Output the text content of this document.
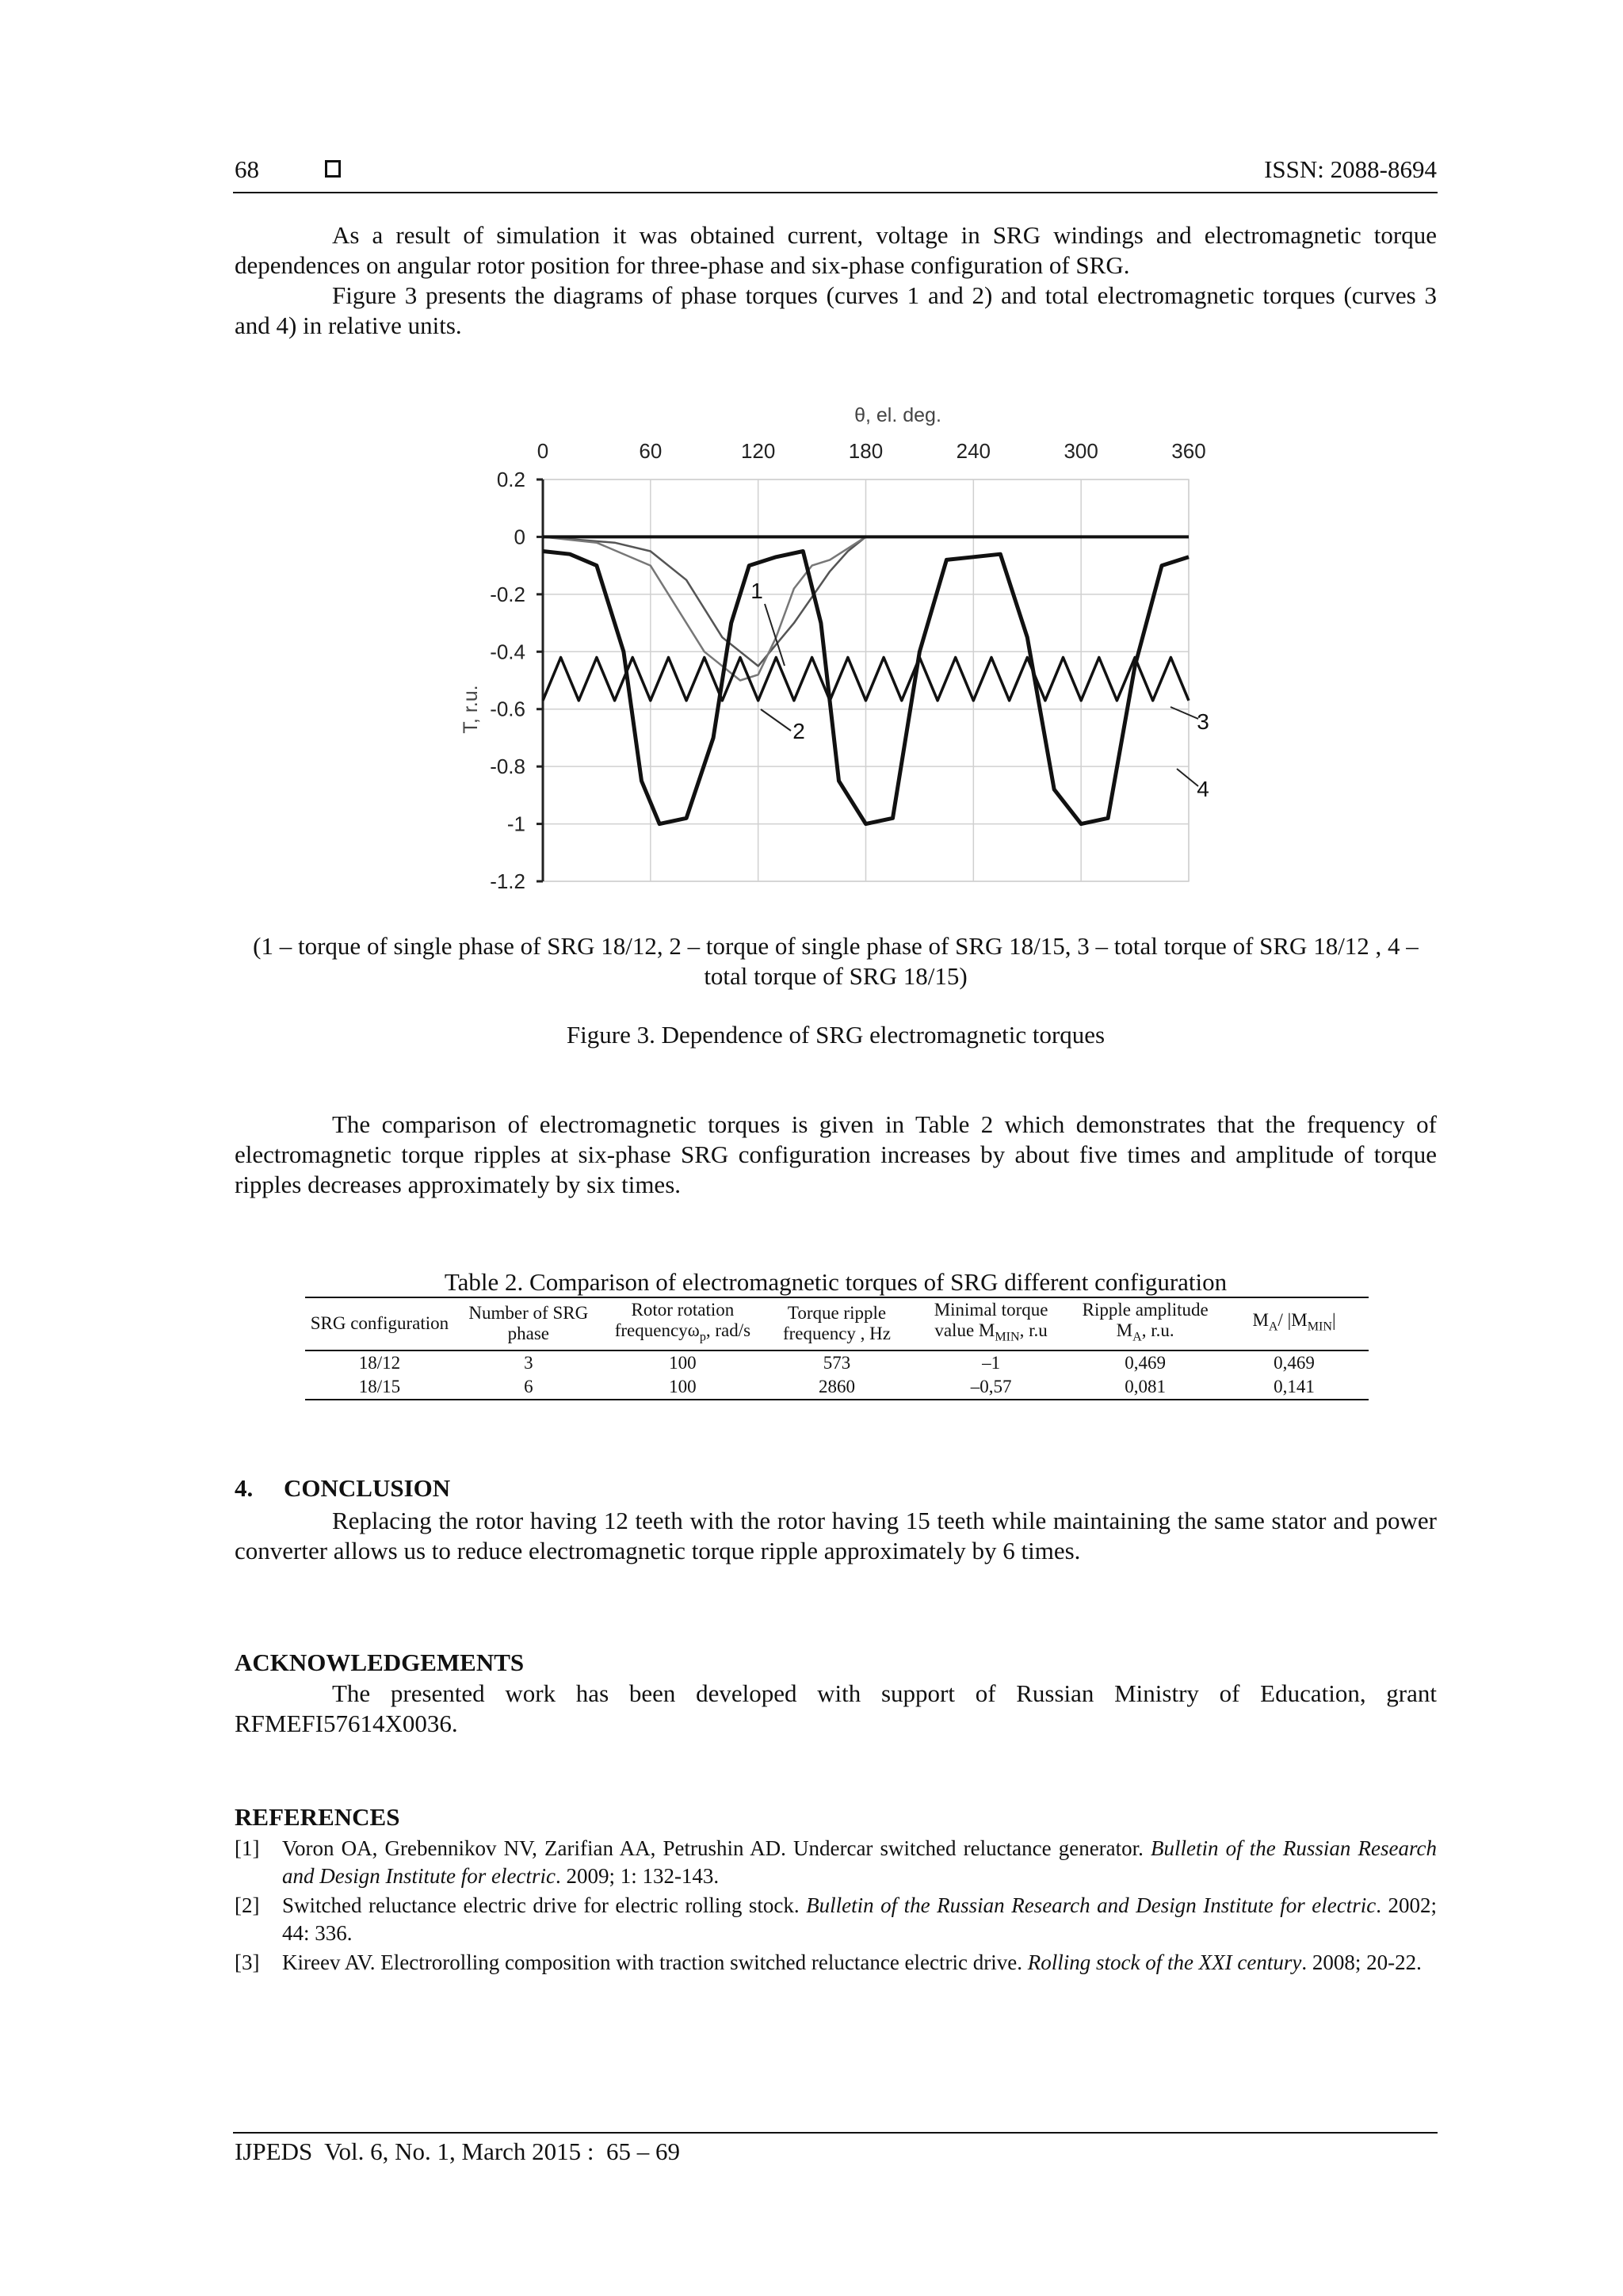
68	ISSN: 2088-8694

As a result of simulation it was obtained current, voltage in SRG windings and electromagnetic torque dependences on angular rotor position for three-phase and six-phase configuration of SRG.

Figure 3 presents the diagrams of phase torques (curves 1 and 2) and total electromagnetic torques (curves 3 and 4) in relative units.

0	60	120	180	240	300	360
0.2
0
-0.2
-0.4
-0.6
-0.8
-1
-1.2
θ, el. deg.
T, r.u.
1
2	3
4
(1 – torque of single phase of SRG 18/12, 2 – torque of single phase of SRG 18/15, 3 – total torque of SRG 18/12 , 4 – total torque of SRG 18/15)
Figure 3. Dependence of SRG electromagnetic torques

The comparison of electromagnetic torques is given in Table 2 which demonstrates that the frequency of electromagnetic torque ripples at six-phase SRG configuration increases by about five times and amplitude of torque ripples decreases approximately by six times.

Table 2. Comparison of electromagnetic torques of SRG different configuration
SRG configuration	Number of SRG phase	Rotor rotation frequencyω$_p$, rad/s	Torque ripple frequency , Hz	Minimal torque value $M_{MIN}$, r.u	Ripple amplitude $M_A$, r.u.	$M_A/$ $|M_{MIN}|$
18/12	3	100	573	–1	0,469	0,469
18/15	6	100	2860	–0,57	0,081	0,141
4.     CONCLUSION

Replacing the rotor having 12 teeth with the rotor having 15 teeth while maintaining the same stator and power converter allows us to reduce electromagnetic torque ripple approximately by 6 times.

ACKNOWLEDGEMENTS

The presented work has been developed with support of Russian Ministry of Education, grant RFMEFI57614X0036.

REFERENCES
[1] Voron OA, Grebennikov NV, Zarifian AA, Petrushin AD. Undercar switched reluctance generator. Bulletin of the Russian Research and Design Institute for electric. 2009; 1: 132-143.
[2] Switched reluctance electric drive for electric rolling stock. Bulletin of the Russian Research and Design Institute for electric. 2002; 44: 336.
[3] Kireev AV. Electrorolling composition with traction switched reluctance electric drive. Rolling stock of the XXI century. 2008; 20-22.
IJPEDS  Vol. 6, No. 1, March 2015 :  65 – 69
